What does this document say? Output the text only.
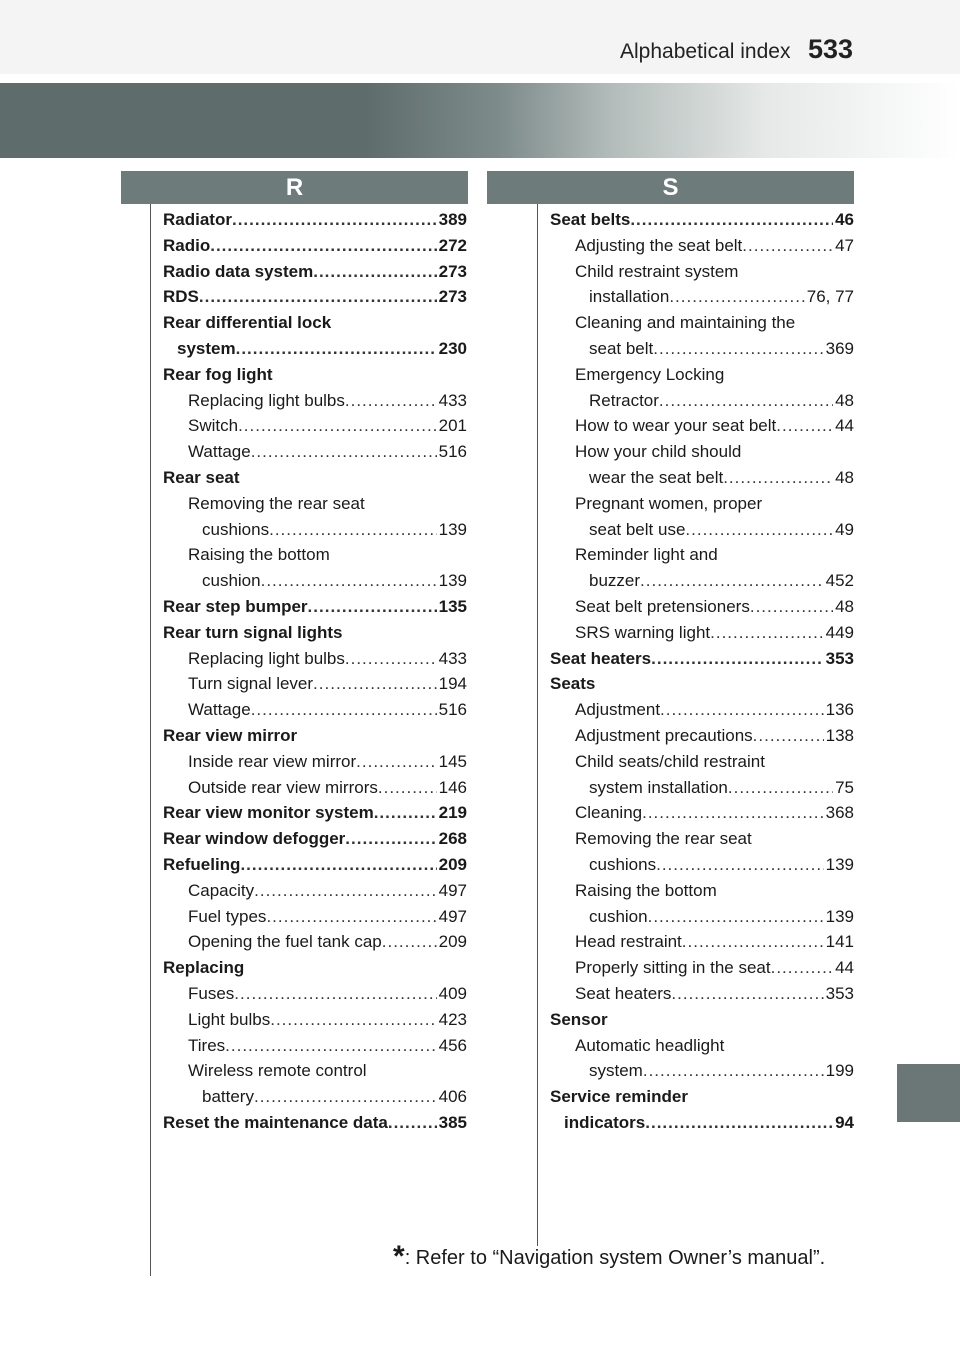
Alphabetical index 533
R	S
Radiator .....	389
Radio .....	272
Radio data system .....	273
RDS .....	273
Rear differential lock
system .....	230
Rear fog light
Replacing light bulbs .....	433
Switch .....	201
Wattage .....	516
Rear seat
Removing the rear seat
cushions .....	139
Raising the bottom
cushion .....	139
Rear step bumper .....	135
Rear turn signal lights
Replacing light bulbs .....	433
Turn signal lever .....	194
Wattage .....	516
Rear view mirror
Inside rear view mirror .....	145
Outside rear view mirrors .....	146
Rear view monitor system .....	219
Rear window defogger .....	268
Refueling .....	209
Capacity .....	497
Fuel types .....	497
Opening the fuel tank cap .....	209
Replacing
Fuses .....	409
Light bulbs .....	423
Tires .....	456
Wireless remote control
battery .....	406
Reset the maintenance data .....	385
Seat belts .....	46
Adjusting the seat belt .....	47
Child restraint system
installation .....	76, 77
Cleaning and maintaining the
seat belt .....	369
Emergency Locking
Retractor .....	48
How to wear your seat belt .....	44
How your child should
wear the seat belt .....	48
Pregnant women, proper
seat belt use .....	49
Reminder light and
buzzer .....	452
Seat belt pretensioners .....	48
SRS warning light .....	449
Seat heaters .....	353
Seats
Adjustment .....	136
Adjustment precautions .....	138
Child seats/child restraint
system installation .....	75
Cleaning .....	368
Removing the rear seat
cushions .....	139
Raising the bottom
cushion .....	139
Head restraint .....	141
Properly sitting in the seat .....	44
Seat heaters .....	353
Sensor
Automatic headlight
system .....	199
Service reminder
indicators .....	94
*: Refer to “Navigation system Owner’s manual”.
